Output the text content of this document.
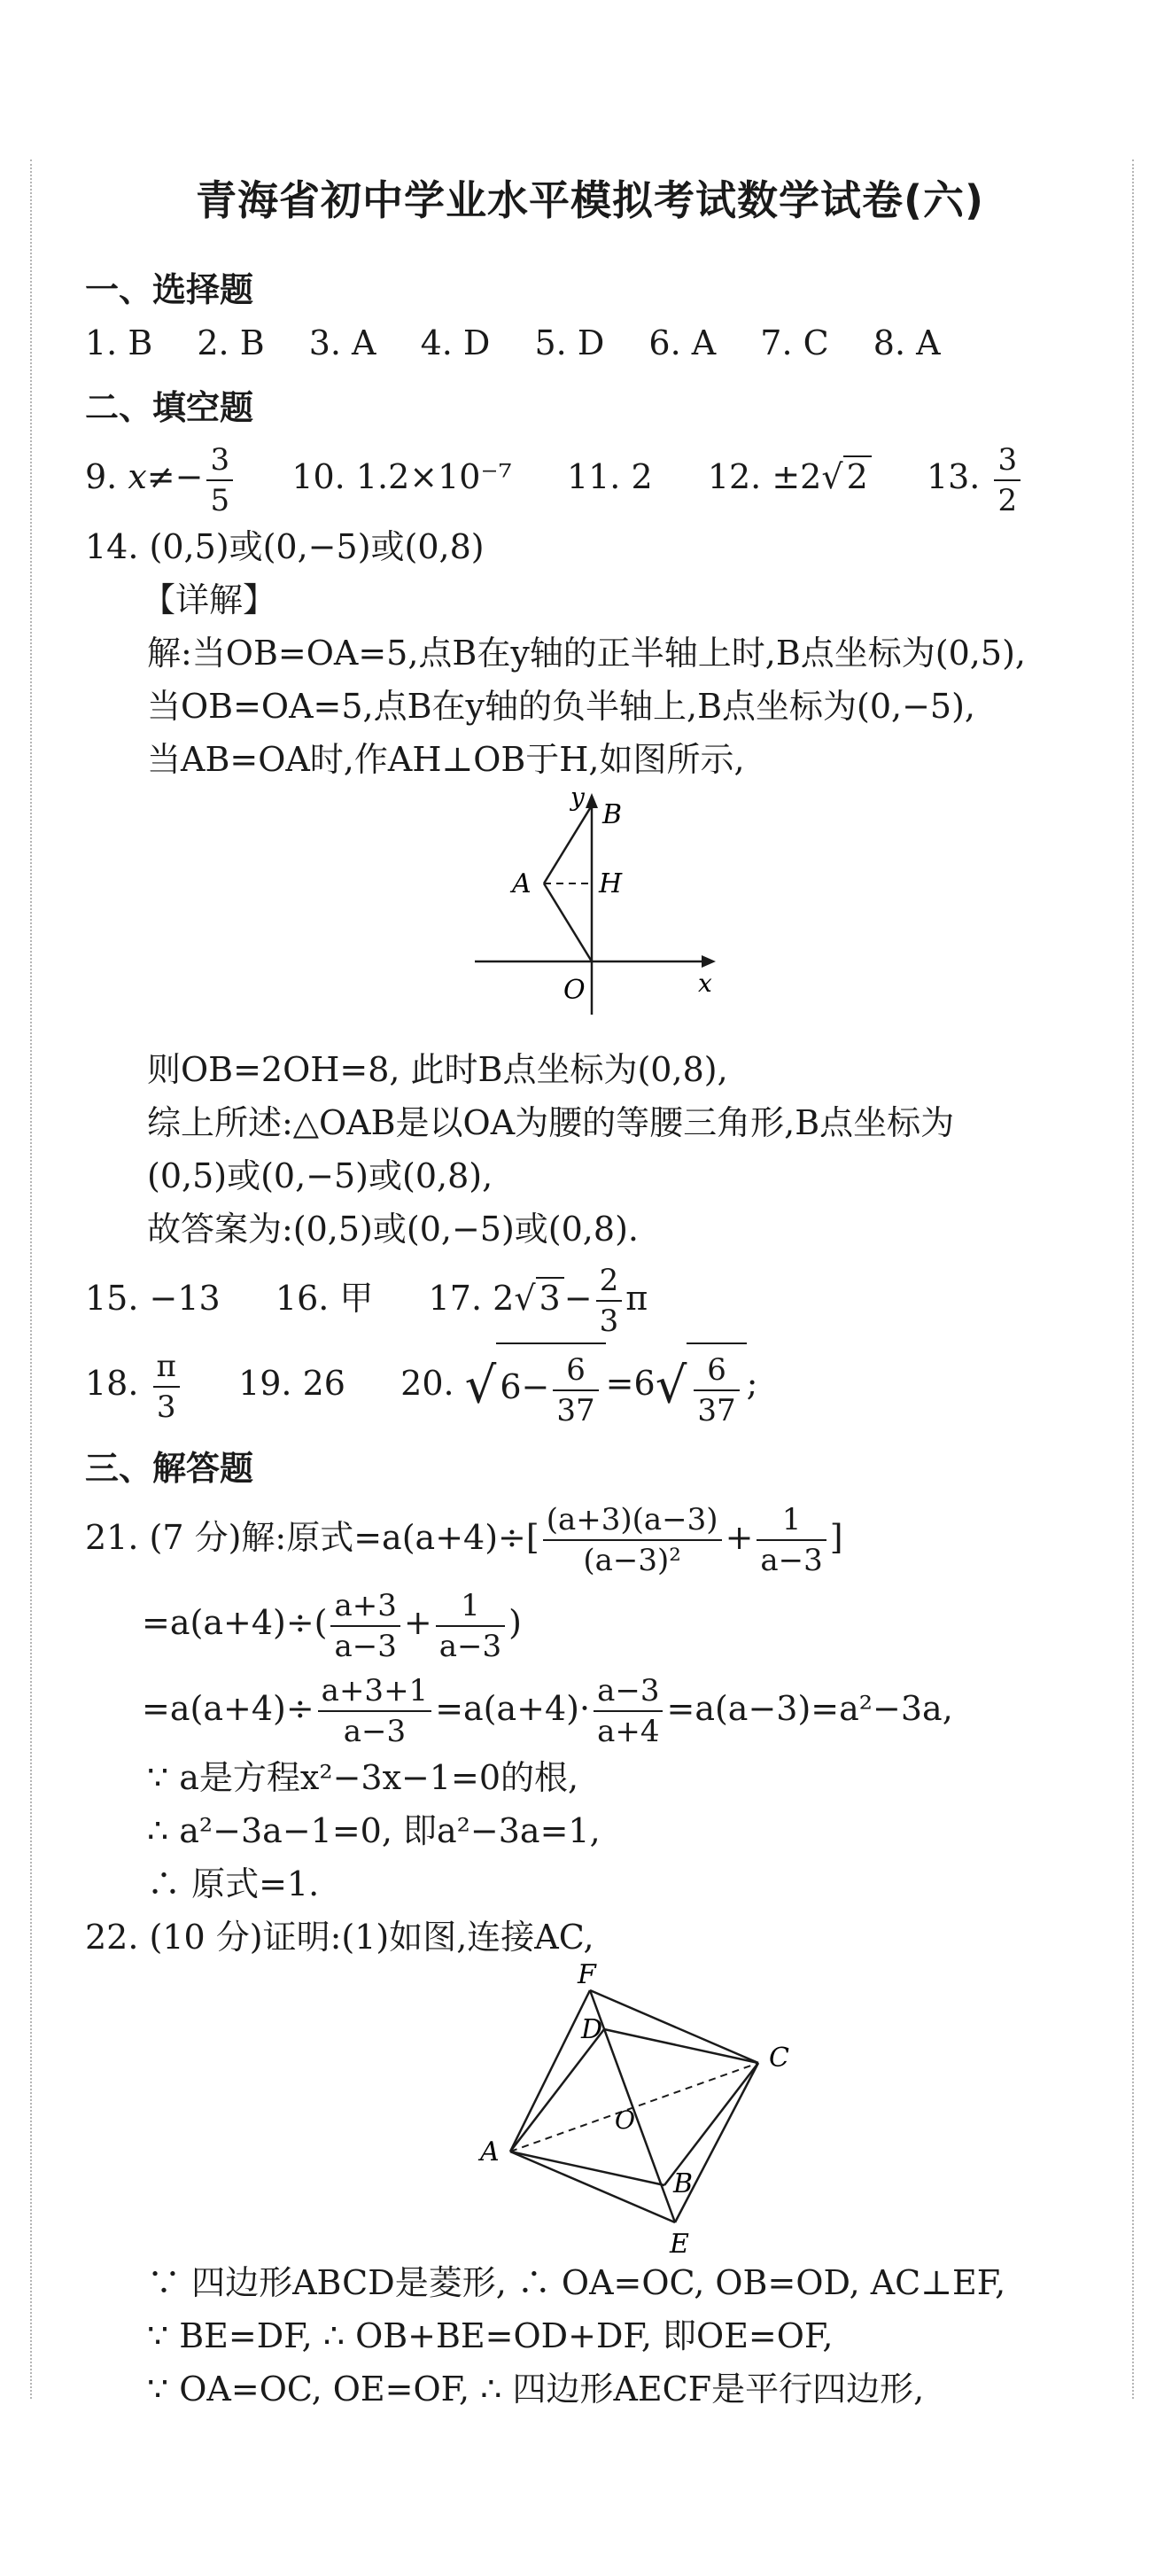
青海省初中学业水平模拟考试数学试卷(六)
一、选择题
1. B 2. B 3. A 4. D 5. D 6. A 7. C 8. A
二、填空题
9. $x\ne- \frac{3}{5} 10$. 1.2×10⁻⁷ 11. 2 12. ±2√ 2 13. $\frac{3}{2}$
14. (0,5)或(0,−5)或(0,8)
【详解】
解:当OB=OA=5,点B在y轴的正半轴上时,B点坐标为(0,5),
当OB=OA=5,点B在y轴的负半轴上,B点坐标为(0,−5),
当AB=OA时,作AH⊥OB于H,如图所示,
y
B
A	H
O	x
则OB=2OH=8, 此时B点坐标为(0,8),
综上所述:△OAB是以OA为腰的等腰三角形,B点坐标为
(0,5)或(0,−5)或(0,8),
故答案为:(0,5)或(0,−5)或(0,8).
15. −13 16. 甲 17. 2√ $3 - \frac{2}{3}$ π
18. $\frac{\pi}{3} 19$. 26 20. √ $6- \frac{6}{37} =6√ \frac{6}{37}$ ;
三、解答题
21. (7 分)解:原式$=a(a+4)\div[ \frac{(a+3)(a-3)}{\text{(a−3)²}} + \frac{1}{a-3}$ ]
$=a(a+4)\div( \frac{a+3}{a-3} + \frac{1}{a-3}$ )
$=a(a+4)\div \frac{a+3+1}{a-3} =a(a+4)\cdot \frac{a-3}{a+4} =a(a-3)=a^2-3a$,
∵ a是方程x²−3x−1=0的根,
∴ a²−3a−1=0, 即a²−3a=1,
∴ 原式=1.
22. (10 分)证明:(1)如图,连接AC,
F
D
C
O
A
B
E
∵ 四边形ABCD是菱形, ∴ OA=OC, OB=OD, AC⊥EF,
∵ BE=DF, ∴ OB+BE=OD+DF, 即OE=OF,
∵ OA=OC, OE=OF, ∴ 四边形AECF是平行四边形,
